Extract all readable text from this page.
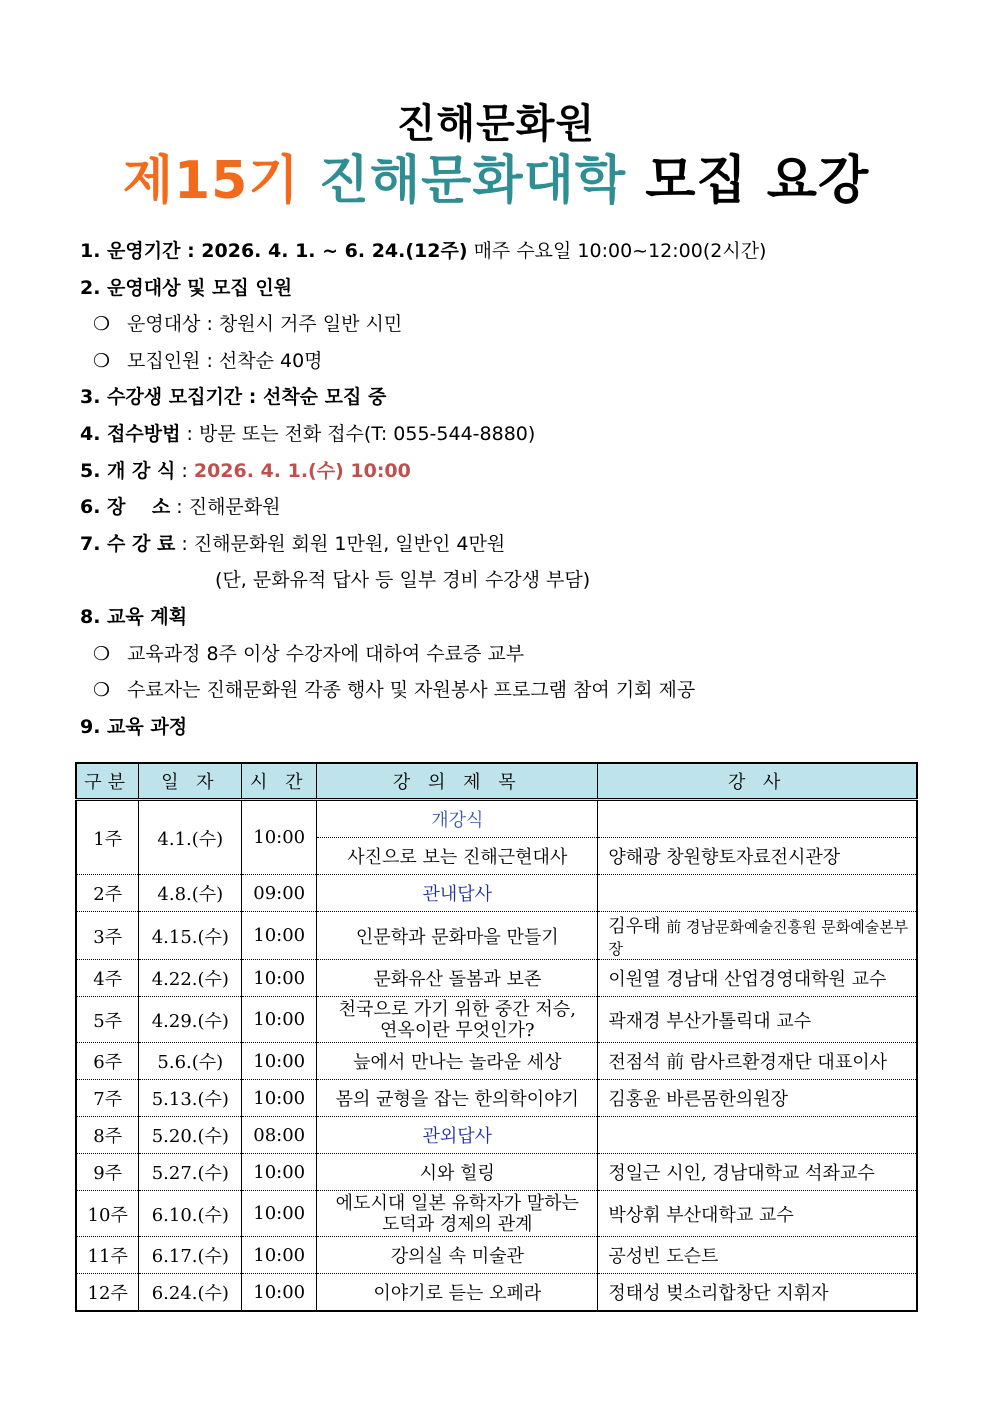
진해문화원
제15기 진해문화대학 모집 요강
1. 운영기간 : 2026. 4. 1. ~ 6. 24.(12주) 매주 수요일 10:00~12:00(2시간)
2. 운영대상 및 모집 인원
❍ 운영대상 : 창원시 거주 일반 시민
❍ 모집인원 : 선착순 40명
3. 수강생 모집기간 : 선착순 모집 중
4. 접수방법 : 방문 또는 전화 접수(T: 055-544-8880)
5. 개 강 식 : 2026. 4. 1.(수) 10:00
6. 장    소 : 진해문화원
7. 수 강 료 : 진해문화원 회원 1만원, 일반인 4만원
(단, 문화유적 답사 등 일부 경비 수강생 부담)
8. 교육 계획
❍ 교육과정 8주 이상 수강자에 대하여 수료증 교부
❍ 수료자는 진해문화원 각종 행사 및 자원봉사 프로그램 참여 기회 제공
9. 교육 과정
구분	일 자	시 간	강 의 제 목	강 사
1주	4.1.(수)	10:00	개강식	
			사진으로 보는 진해근현대사	양해광 창원향토자료전시관장
2주	4.8.(수)	09:00	관내답사	
3주	4.15.(수)	10:00	인문학과 문화마을 만들기	김우태 前 경남문화예술진흥원 문화예술본부장
4주	4.22.(수)	10:00	문화유산 돌봄과 보존	이원열 경남대 산업경영대학원 교수
5주	4.29.(수)	10:00	천국으로 가기 위한 중간 저승,
연옥이란 무엇인가?	곽재경 부산가톨릭대 교수
6주	5.6.(수)	10:00	늪에서 만나는 놀라운 세상	전점석 前 람사르환경재단 대표이사
7주	5.13.(수)	10:00	몸의 균형을 잡는 한의학이야기	김홍윤 바른몸한의원장
8주	5.20.(수)	08:00	관외답사	
9주	5.27.(수)	10:00	시와 힐링	정일근 시인, 경남대학교 석좌교수
10주	6.10.(수)	10:00	에도시대 일본 유학자가 말하는
도덕과 경제의 관계	박상휘 부산대학교 교수
11주	6.17.(수)	10:00	강의실 속 미술관	공성빈 도슨트
12주	6.24.(수)	10:00	이야기로 듣는 오페라	정태성 벚소리합창단 지휘자
